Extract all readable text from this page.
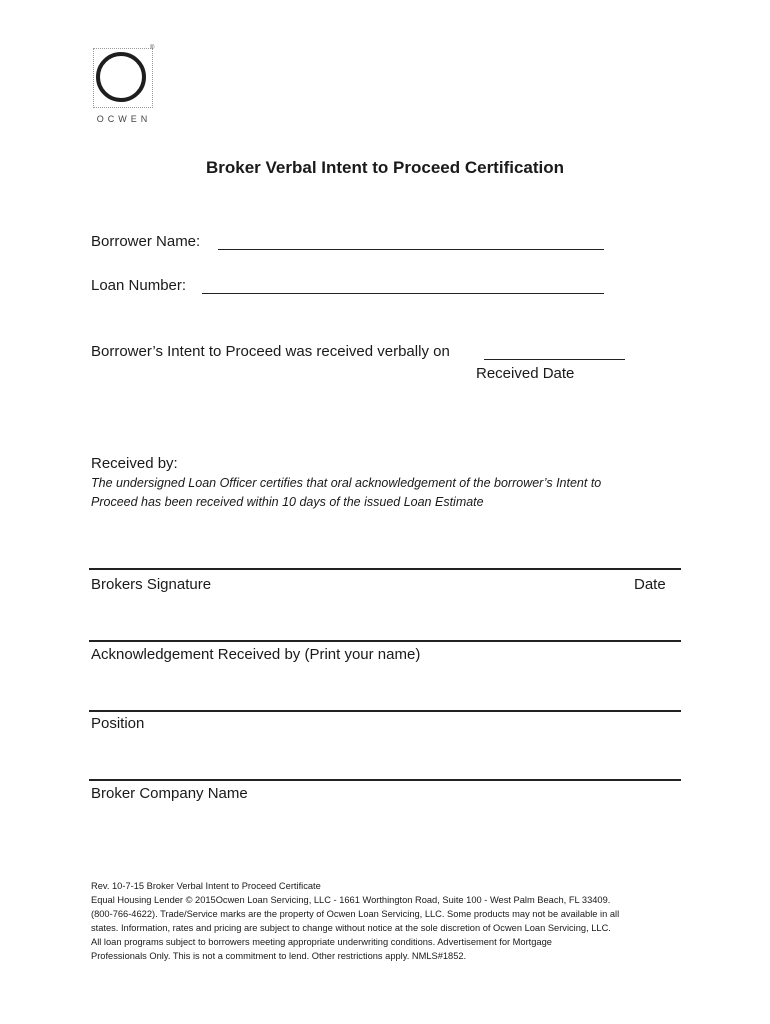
®
OCWEN
Broker Verbal Intent to Proceed Certification
Borrower Name:
Loan Number:
Borrower’s Intent to Proceed was received verbally on
Received Date
Received by:
The undersigned Loan Officer certifies that oral acknowledgement of the borrower’s Intent to
Proceed has been received within 10 days of the issued Loan Estimate
Brokers Signature	Date
Acknowledgement Received by (Print your name)
Position
Broker Company Name
Rev. 10-7-15 Broker Verbal Intent to Proceed Certificate
Equal Housing Lender © 2015Ocwen Loan Servicing, LLC - 1661 Worthington Road, Suite 100 - West Palm Beach, FL 33409.
(800-766-4622). Trade/Service marks are the property of Ocwen Loan Servicing, LLC. Some products may not be available in all
states. Information, rates and pricing are subject to change without notice at the sole discretion of Ocwen Loan Servicing, LLC.
All loan programs subject to borrowers meeting appropriate underwriting conditions. Advertisement for Mortgage
Professionals Only. This is not a commitment to lend. Other restrictions apply. NMLS#1852.
